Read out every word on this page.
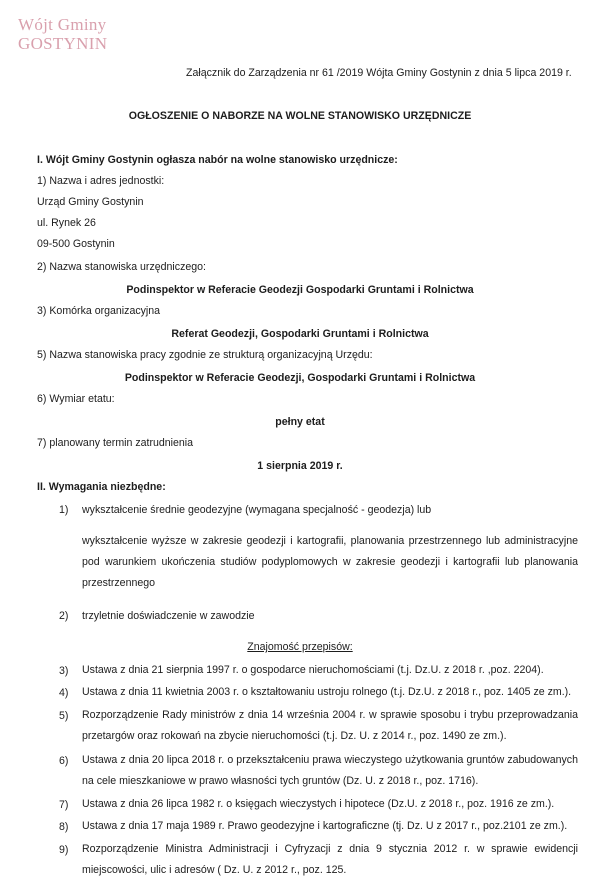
Wójt Gminy
GOSTYNIN
Załącznik do Zarządzenia nr 61 /2019 Wójta Gminy Gostynin z dnia 5 lipca 2019 r.
OGŁOSZENIE O NABORZE NA WOLNE STANOWISKO URZĘDNICZE
I. Wójt Gminy Gostynin ogłasza nabór na wolne stanowisko urzędnicze:
1) Nazwa i adres jednostki:
Urząd Gminy Gostynin
ul. Rynek 26
09-500 Gostynin
2) Nazwa stanowiska urzędniczego:
Podinspektor w Referacie Geodezji Gospodarki Gruntami i Rolnictwa
3) Komórka organizacyjna
Referat Geodezji, Gospodarki Gruntami i Rolnictwa
5) Nazwa stanowiska pracy zgodnie ze strukturą organizacyjną Urzędu:
Podinspektor w Referacie Geodezji, Gospodarki Gruntami i Rolnictwa
6) Wymiar etatu:
pełny etat
7) planowany termin zatrudnienia
1 sierpnia 2019 r.
II. Wymagania niezbędne:
1) wykształcenie średnie geodezyjne (wymagana specjalność - geodezja) lub
wykształcenie wyższe w zakresie geodezji i kartografii, planowania przestrzennego lub administracyjne pod warunkiem ukończenia studiów podyplomowych w zakresie geodezji i kartografii lub planowania przestrzennego
2) trzyletnie doświadczenie w zawodzie
Znajomość przepisów:
3) Ustawa z dnia 21 sierpnia 1997 r. o gospodarce nieruchomościami (t.j. Dz.U. z 2018 r. ,poz. 2204).
4) Ustawa z dnia 11 kwietnia 2003 r. o kształtowaniu ustroju rolnego (t.j. Dz.U. z 2018 r., poz. 1405 ze zm.).
5) Rozporządzenie Rady ministrów z dnia 14 września 2004 r. w sprawie sposobu i trybu przeprowadzania przetargów oraz rokowań na zbycie nieruchomości (t.j. Dz. U. z 2014 r., poz. 1490 ze zm.).
6) Ustawa z dnia 20 lipca 2018 r. o przekształceniu prawa wieczystego użytkowania gruntów zabudowanych na cele mieszkaniowe w prawo własności tych gruntów (Dz. U. z 2018 r., poz. 1716).
7) Ustawa z dnia 26 lipca 1982 r. o księgach wieczystych i hipotece (Dz.U. z 2018 r., poz. 1916 ze zm.).
8) Ustawa z dnia 17 maja 1989 r. Prawo geodezyjne i kartograficzne (tj. Dz. U z 2017 r., poz.2101 ze zm.).
9) Rozporządzenie Ministra Administracji i Cyfryzacji z dnia 9 stycznia 2012 r. w sprawie ewidencji miejscowości, ulic i adresów ( Dz. U. z 2012 r., poz. 125.
